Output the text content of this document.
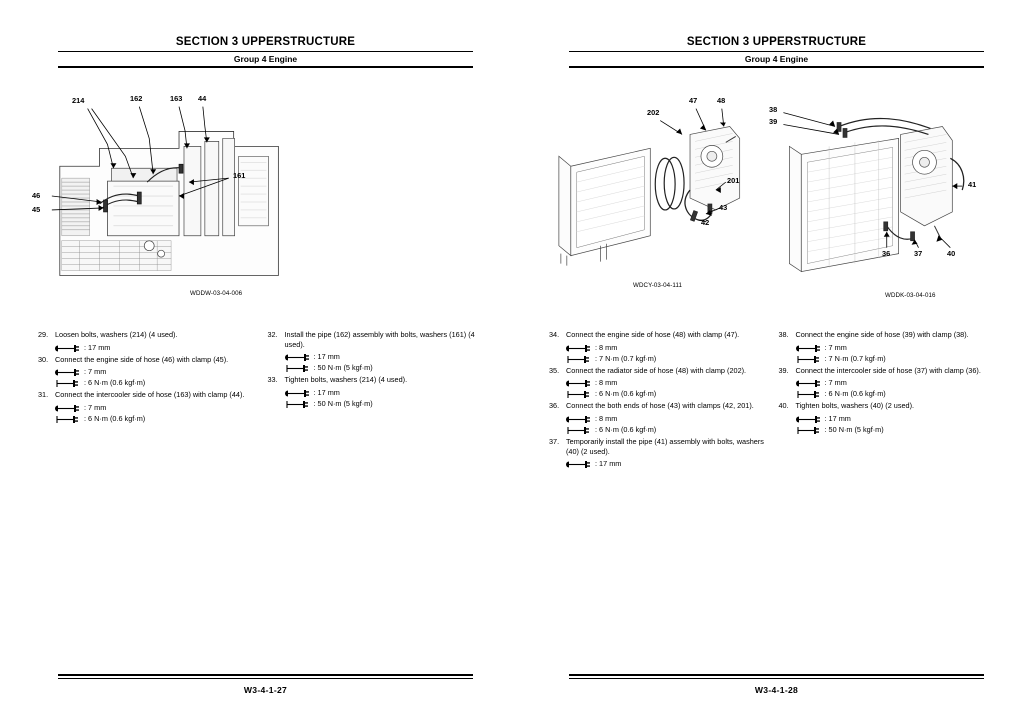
SECTION 3 UPPERSTRUCTURE
Group 4 Engine
214	162	163 44
161
46
45
WDDW-03-04-006
29. Loosen bolts, washers (214) (4 used).
: 17 mm
30. Connect the engine side of hose (46) with clamp (45).
: 7 mm
: 6 N·m (0.6 kgf·m)
31. Connect the intercooler side of hose (163) with clamp (44).
: 7 mm
: 6 N·m (0.6 kgf·m)
32. Install the pipe (162) assembly with bolts, washers (161) (4 used).
: 17 mm
: 50 N·m (5 kgf·m)
33. Tighten bolts, washers (214) (4 used).
: 17 mm
: 50 N·m (5 kgf·m)
W3-4-1-27
SECTION 3 UPPERSTRUCTURE
Group 4 Engine
202
47	48
201
43
42
38
39
41
36	37	40
WDCY-03-04-111
WDDK-03-04-016
34. Connect the engine side of hose (48) with clamp (47).
: 8 mm
: 7 N·m (0.7 kgf·m)
35. Connect the radiator side of hose (48) with clamp (202).
: 8 mm
: 6 N·m (0.6 kgf·m)
36. Connect the both ends of hose (43) with clamps (42, 201).
: 8 mm
: 6 N·m (0.6 kgf·m)
37. Temporarily install the pipe (41) assembly with bolts, washers (40) (2 used).
: 17 mm
38. Connect the engine side of hose (39) with clamp (38).
: 7 mm
: 7 N·m (0.7 kgf·m)
39. Connect the intercooler side of hose (37) with clamp (36).
: 7 mm
: 6 N·m (0.6 kgf·m)
40. Tighten bolts, washers (40) (2 used).
: 17 mm
: 50 N·m (5 kgf·m)
W3-4-1-28
